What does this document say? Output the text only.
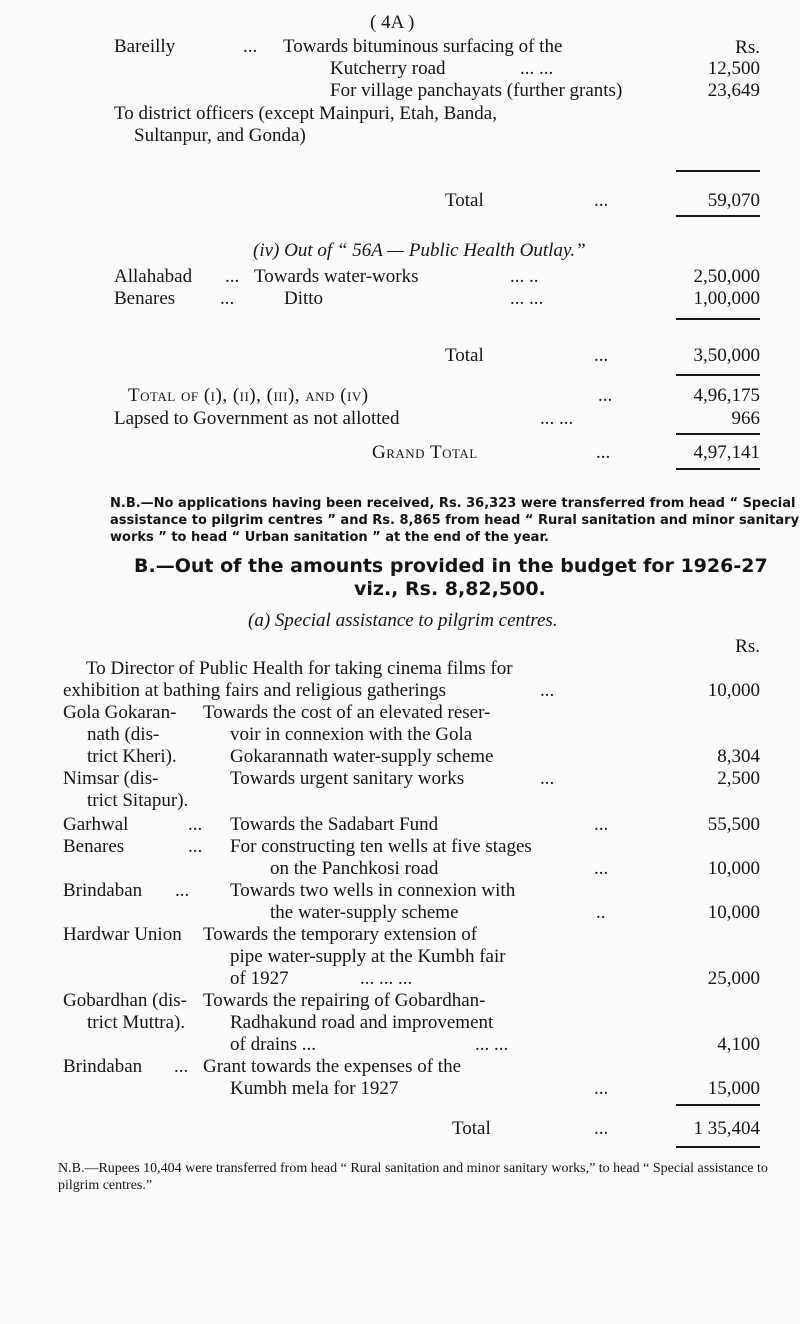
( 4A )
Rs.
Bareilly	... Towards bituminous surfacing of the
Kutcherry road	... ...	12,500
For village panchayats (further grants)	23,649
To district officers (except Mainpuri, Etah, Banda,
Sultanpur, and Gonda)
Total	...	59,070
(iv) Out of “ 56A — Public Health Outlay.”
Allahabad ... Towards water-works	... ..	2,50,000
Benares ...	Ditto	... ...	1,00,000
Total	...	3,50,000
Total of (i), (ii), (iii), and (iv)	...	4,96,175
Lapsed to Government as not allotted	... ...	966
Grand Total	...	4,97,141
N.B.—No applications having been received, Rs. 36,323 were transferred from head “ Special assistance to pilgrim centres ” and Rs. 8,865 from head “ Rural sanitation and minor sanitary works ” to head “ Urban sanitation ” at the end of the year.
B.—Out of the amounts provided in the budget for 1926-27
viz., Rs. 8,82,500.
(a) Special assistance to pilgrim centres.
Rs.
To Director of Public Health for taking cinema films for
exhibition at bathing fairs and religious gatherings	...	10,000
Gola Gokaran-
nath (dis-
trict Kheri).
Towards the cost of an elevated reser-
voir in connexion with the Gola
Gokarannath water-supply scheme	8,304
Nimsar (dis-
trict Sitapur).
Towards urgent sanitary works	...	2,500
Garhwal	... Towards the Sadabart Fund	...	55,500
Benares	... For constructing ten wells at five stages
on the Panchkosi road	...	10,000
Brindaban ... Towards two wells in connexion with
the water-supply scheme	..	10,000
Hardwar Union Towards the temporary extension of
pipe water-supply at the Kumbh fair
of 1927	... ... ...	25,000
Gobardhan (dis-
trict Muttra).
Towards the repairing of Gobardhan-
Radhakund road and improvement
of drains ...	... ...	4,100
Brindaban ... Grant towards the expenses of the
Kumbh mela for 1927	...	15,000
Total	...	1 35,404
N.B.—Rupees 10,404 were transferred from head “ Rural sanitation and minor sanitary works,” to head “ Special assistance to pilgrim centres.”
